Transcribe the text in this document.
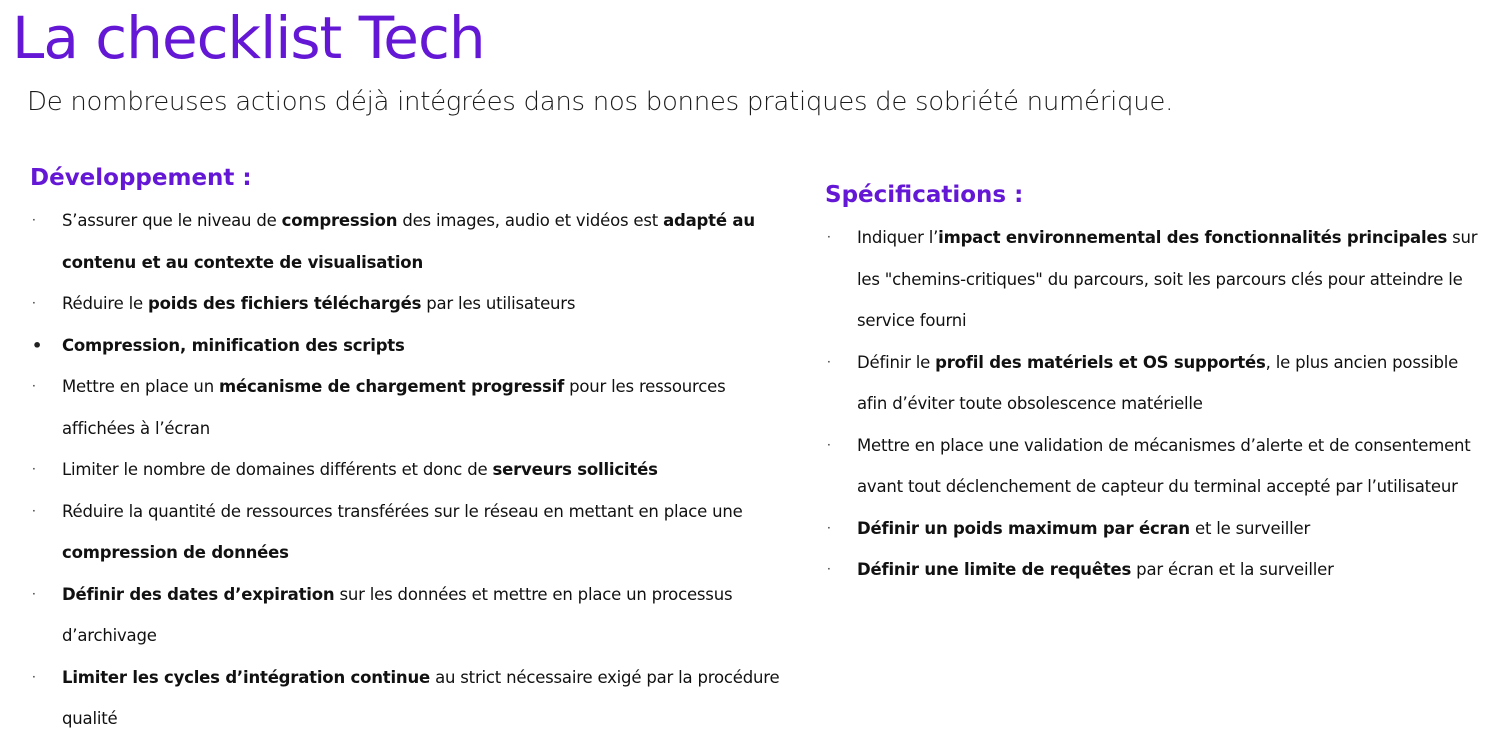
La checklist Tech

De nombreuses actions déjà intégrées dans nos bonnes pratiques de sobriété numérique.

Développement :
· S’assurer que le niveau de compression des images, audio et vidéos est adapté au contenu et au contexte de visualisation
· Réduire le poids des fichiers téléchargés par les utilisateurs
• Compression, minification des scripts
· Mettre en place un mécanisme de chargement progressif pour les ressources affichées à l’écran
· Limiter le nombre de domaines différents et donc de serveurs sollicités
· Réduire la quantité de ressources transférées sur le réseau en mettant en place une compression de données
· Définir des dates d’expiration sur les données et mettre en place un processus d’archivage
· Limiter les cycles d’intégration continue au strict nécessaire exigé par la procédure qualité
Spécifications :
· Indiquer l’impact environnemental des fonctionnalités principales sur les "chemins-critiques" du parcours, soit les parcours clés pour atteindre le service fourni
· Définir le profil des matériels et OS supportés, le plus ancien possible afin d’éviter toute obsolescence matérielle
· Mettre en place une validation de mécanismes d’alerte et de consentement avant tout déclenchement de capteur du terminal accepté par l’utilisateur
· Définir un poids maximum par écran et le surveiller
· Définir une limite de requêtes par écran et la surveiller
